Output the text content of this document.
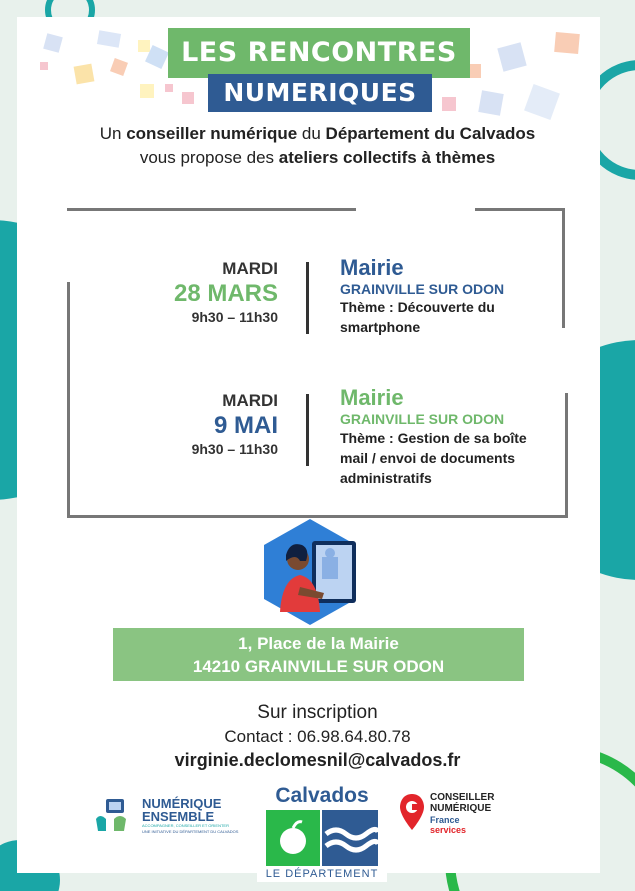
LES RENCONTRES
NUMERIQUES
Un conseiller numérique du Département du Calvados
vous propose des ateliers collectifs à thèmes
MARDI
28 MARS
9h30 – 11h30
Mairie
GRAINVILLE SUR ODON
Thème : Découverte du
smartphone
MARDI
9 MAI
9h30 – 11h30
Mairie
GRAINVILLE SUR ODON
Thème : Gestion de sa boîte
mail / envoi de documents
administratifs
1, Place de la Mairie
14210 GRAINVILLE SUR ODON
Sur inscription
Contact : 06.98.64.80.78
virginie.declomesnil@calvados.fr
NUMÉRIQUE
ENSEMBLE
ACCOMPAGNER, CONSEILLER ET ORIENTER
UNE INITIATIVE DU DÉPARTEMENT DU CALVADOS
Calvados
LE DÉPARTEMENT
CONSEILLER
NUMÉRIQUE
France
services
